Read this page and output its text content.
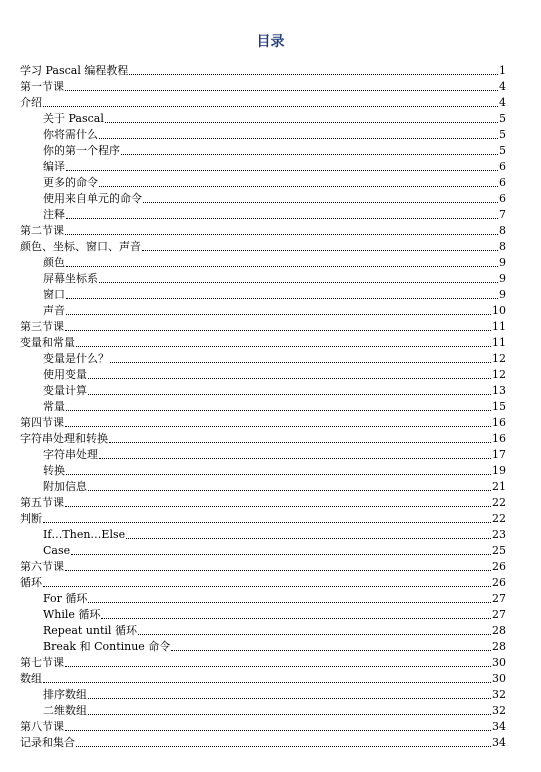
目录
学习 Pascal 编程教程	1
第一节课	4
介绍	4
关于 Pascal	5
你将需什么	5
你的第一个程序	5
编译	6
更多的命令	6
使用来自单元的命令	6
注释	7
第二节课	8
颜色、坐标、窗口、声音	8
颜色	9
屏幕坐标系	9
窗口	9
声音	10
第三节课	11
变量和常量	11
变量是什么？	12
使用变量	12
变量计算	13
常量	15
第四节课	16
字符串处理和转换	16
字符串处理	17
转换	19
附加信息	21
第五节课	22
判断	22
If…Then…Else	23
Case	25
第六节课	26
循环	26
For 循环	27
While 循环	27
Repeat until 循环	28
Break 和 Continue 命令	28
第七节课	30
数组	30
排序数组	32
二维数组	32
第八节课	34
记录和集合	34
